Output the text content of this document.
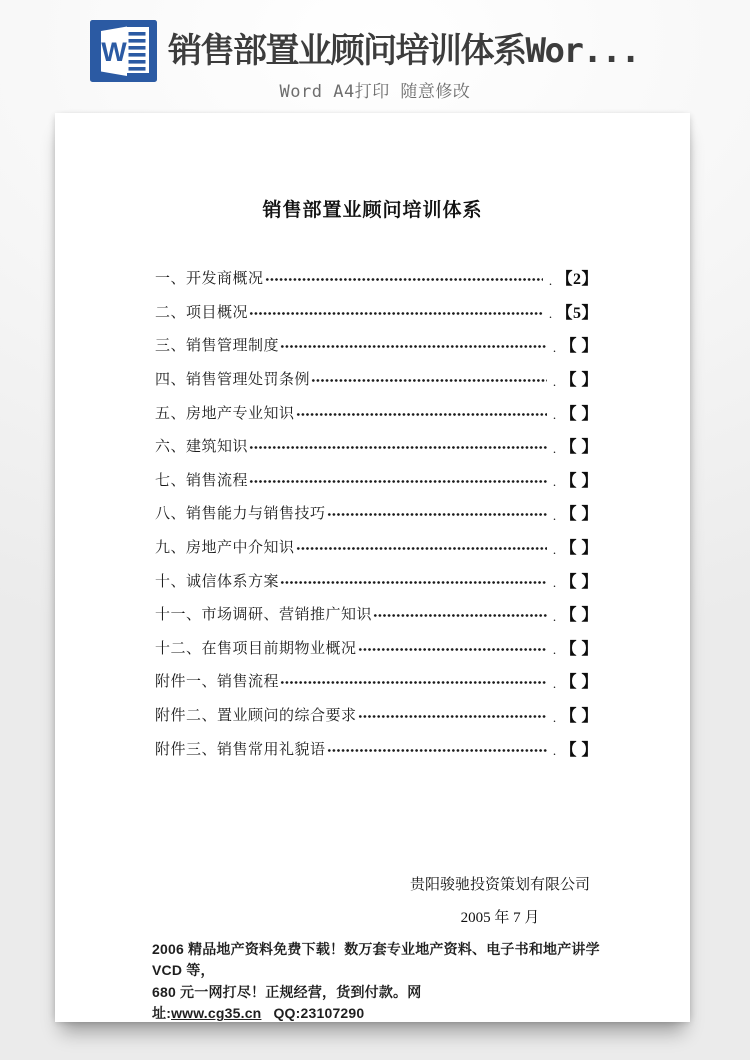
W 销售部置业顾问培训体系Wor...
Word A4打印 随意修改
销售部置业顾问培训体系
一、开发商概况 .	【2】
二、项目概况 .	【5】
三、销售管理制度 .	【 】
四、销售管理处罚条例 .	【 】
五、房地产专业知识 .	【 】
六、建筑知识 .	【 】
七、销售流程 .	【 】
八、销售能力与销售技巧 .	【 】
九、房地产中介知识 .	【 】
十、诚信体系方案 .	【 】
十一、市场调研、营销推广知识 .	【 】
十二、在售项目前期物业概况 .	【 】
附件一、销售流程 .	【 】
附件二、置业顾问的综合要求 .	【 】
附件三、销售常用礼貌语 .	【 】
贵阳骏驰投资策划有限公司
2005 年 7 月
2006 精品地产资料免费下载！数万套专业地产资料、电子书和地产讲学 VCD 等，
680 元一网打尽！正规经营，货到付款。网址:www.cg35.cn QQ:23107290
